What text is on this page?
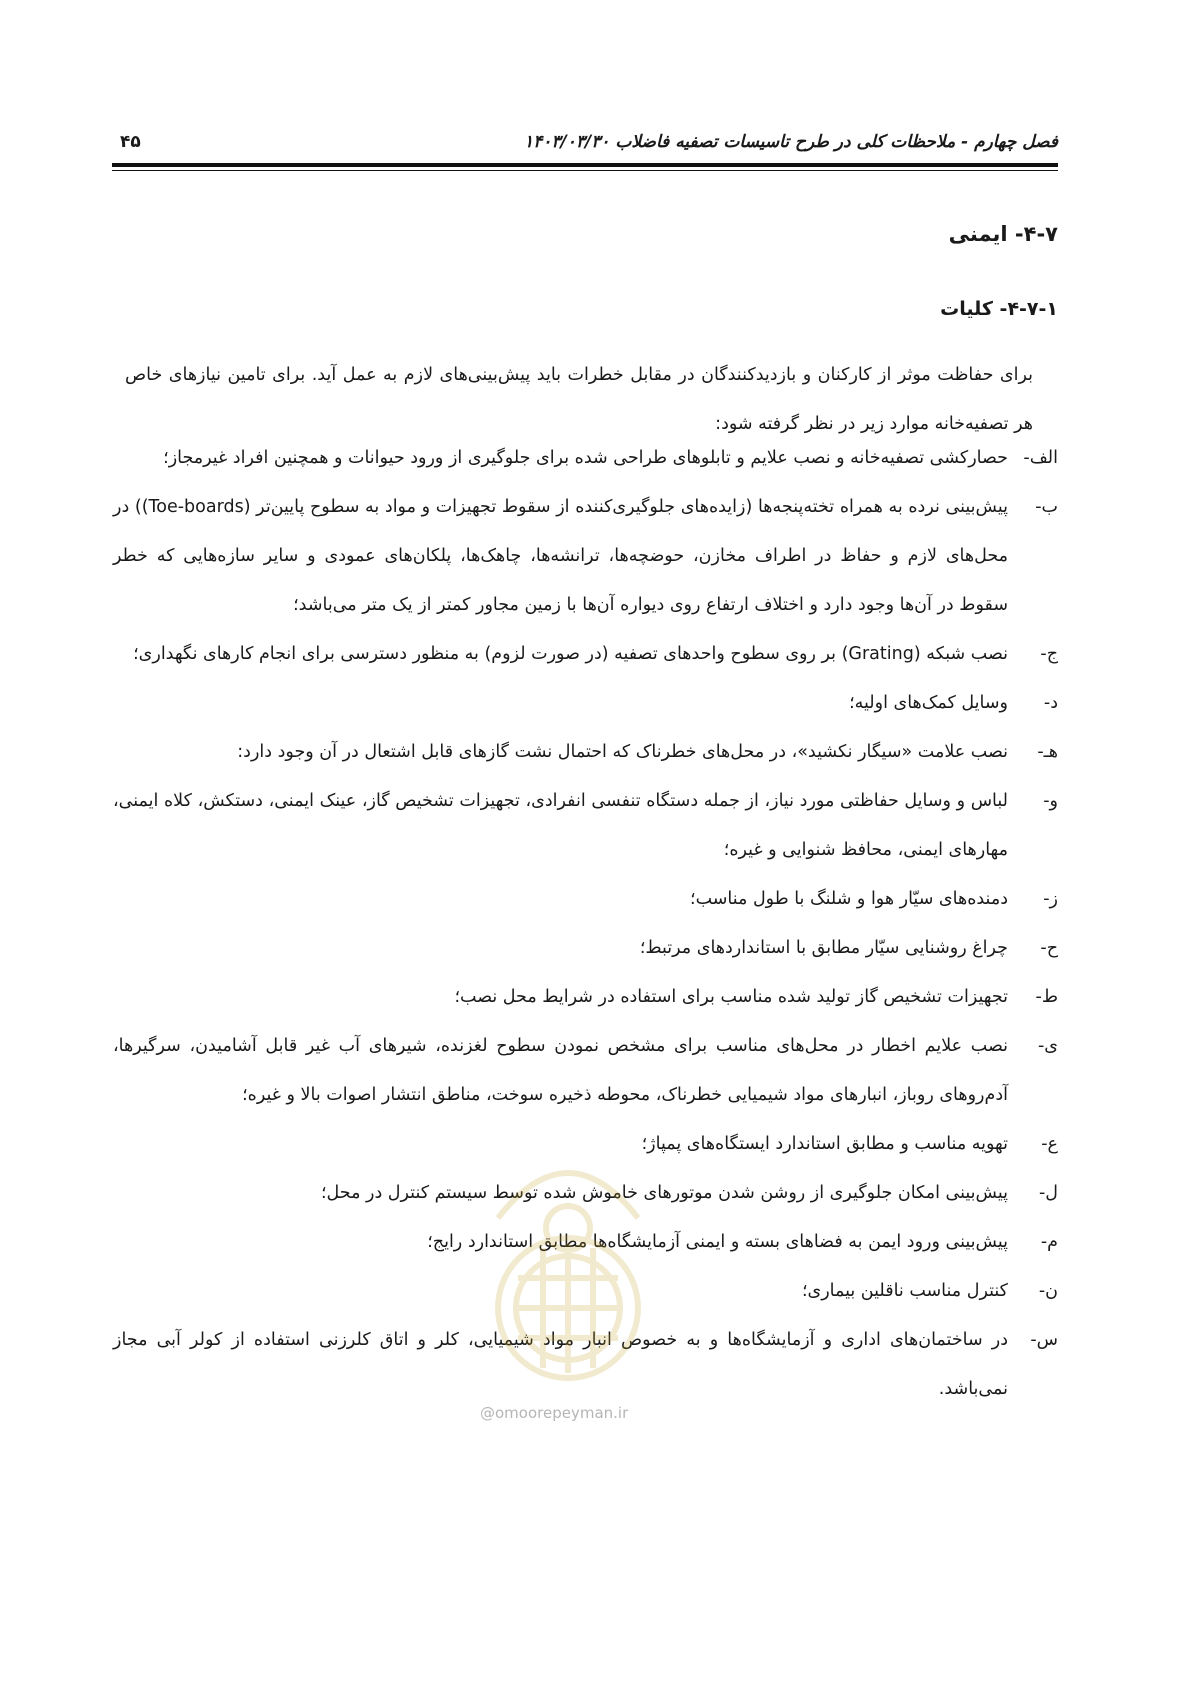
فصل چهارم - ملاحظات کلی در طرح تاسیسات تصفیه فاضلاب ۱۴۰۳/۰۳/۳۰
۴۵
۴-۷- ایمنی
۴-۷-۱- کلیات
برای حفاظت موثر از کارکنان و بازدیدکنندگان در مقابل خطرات باید پیش‌بینی‌های لازم به عمل آید. برای تامین نیازهای خاص هر تصفیه‌خانه موارد زیر در نظر گرفته شود:
الف-
حصارکشی تصفیه‌خانه و نصب علایم و تابلوهای طراحی شده برای جلوگیری از ورود حیوانات و همچنین افراد غیرمجاز؛
ب-
پیش‌بینی نرده به همراه تخته‌پنجه‌ها (زایده‌های جلوگیری‌کننده از سقوط تجهیزات و مواد به سطوح پایین‌تر (Toe-boards)) در محل‌های لازم و حفاظ در اطراف مخازن، حوضچه‌ها، ترانشه‌ها، چاهک‌ها، پلکان‌های عمودی و سایر سازه‌هایی که خطر سقوط در آن‌ها وجود دارد و اختلاف ارتفاع روی دیواره آن‌ها با زمین مجاور کمتر از یک متر می‌باشد؛
ج-
نصب شبکه (Grating) بر روی سطوح واحدهای تصفیه (در صورت لزوم) به منظور دسترسی برای انجام کارهای نگهداری؛
د-
وسایل کمک‌های اولیه؛
هـ-
نصب علامت «سیگار نکشید»، در محل‌های خطرناک که احتمال نشت گازهای قابل اشتعال در آن وجود دارد:
و-
لباس و وسایل حفاظتی مورد نیاز، از جمله دستگاه تنفسی انفرادی، تجهیزات تشخیص گاز، عینک ایمنی، دستکش، کلاه ایمنی، مهارهای ایمنی، محافظ شنوایی و غیره؛
ز-
دمنده‌های سیّار هوا و شلنگ با طول مناسب؛
ح-
چراغ روشنایی سیّار مطابق با استانداردهای مرتبط؛
ط-
تجهیزات تشخیص گاز تولید شده مناسب برای استفاده در شرایط محل نصب؛
ی-
نصب علایم اخطار در محل‌های مناسب برای مشخص نمودن سطوح لغزنده، شیرهای آب غیر قابل آشامیدن، سرگیرها، آدم‌روهای روباز، انبارهای مواد شیمیایی خطرناک، محوطه ذخیره سوخت، مناطق انتشار اصوات بالا و غیره؛
ع-
تهویه مناسب و مطابق استاندارد ایستگاه‌های پمپاژ؛
ل-
پیش‌بینی امکان جلوگیری از روشن شدن موتورهای خاموش شده توسط سیستم کنترل در محل؛
م-
پیش‌بینی ورود ایمن به فضاهای بسته و ایمنی آزمایشگاه‌ها مطابق استاندارد رایج؛
ن-
کنترل مناسب ناقلین بیماری؛
س-
در ساختمان‌های اداری و آزمایشگاه‌ها و به خصوص انبار مواد شیمیایی، کلر و اتاق کلرزنی استفاده از کولر آبی مجاز نمی‌باشد.
@omoorepeyman.ir
